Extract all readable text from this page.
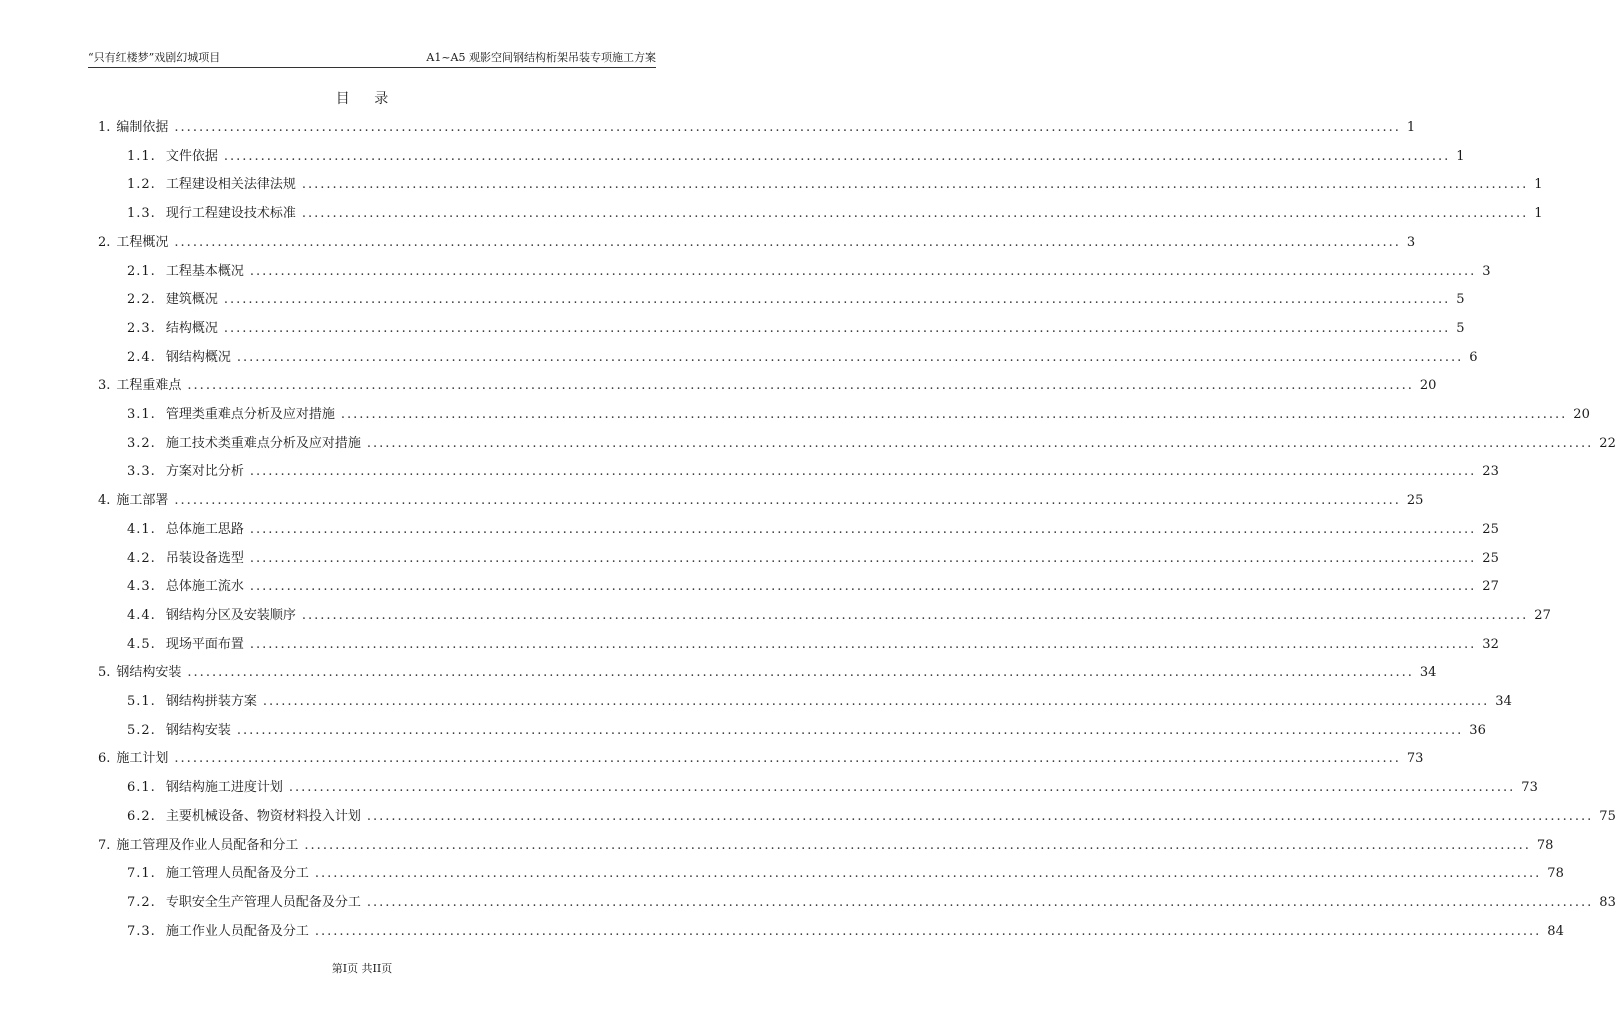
“只有红楼梦”戏剧幻城项目	A1~A5 观影空间钢结构桁架吊装专项施工方案
目 录
1. 编制依据 ........................................................................................................................................................................................................ 1
1.1. 文件依据 ........................................................................................................................................................................................................ 1
1.2. 工程建设相关法律法规 ........................................................................................................................................................................................................ 1
1.3. 现行工程建设技术标准 ........................................................................................................................................................................................................ 1
2. 工程概况 ........................................................................................................................................................................................................ 3
2.1. 工程基本概况 ........................................................................................................................................................................................................ 3
2.2. 建筑概况 ........................................................................................................................................................................................................ 5
2.3. 结构概况 ........................................................................................................................................................................................................ 5
2.4. 钢结构概况 ........................................................................................................................................................................................................ 6
3. 工程重难点 ........................................................................................................................................................................................................ 20
3.1. 管理类重难点分析及应对措施 ........................................................................................................................................................................................................ 20
3.2. 施工技术类重难点分析及应对措施 ........................................................................................................................................................................................................ 22
3.3. 方案对比分析 ........................................................................................................................................................................................................ 23
4. 施工部署 ........................................................................................................................................................................................................ 25
4.1. 总体施工思路 ........................................................................................................................................................................................................ 25
4.2. 吊装设备选型 ........................................................................................................................................................................................................ 25
4.3. 总体施工流水 ........................................................................................................................................................................................................ 27
4.4. 钢结构分区及安装顺序 ........................................................................................................................................................................................................ 27
4.5. 现场平面布置 ........................................................................................................................................................................................................ 32
5. 钢结构安装 ........................................................................................................................................................................................................ 34
5.1. 钢结构拼装方案 ........................................................................................................................................................................................................ 34
5.2. 钢结构安装 ........................................................................................................................................................................................................ 36
6. 施工计划 ........................................................................................................................................................................................................ 73
6.1. 钢结构施工进度计划 ........................................................................................................................................................................................................ 73
6.2. 主要机械设备、物资材料投入计划 ........................................................................................................................................................................................................ 75
7. 施工管理及作业人员配备和分工 ........................................................................................................................................................................................................ 78
7.1. 施工管理人员配备及分工 ........................................................................................................................................................................................................ 78
7.2. 专职安全生产管理人员配备及分工 ........................................................................................................................................................................................................ 83
7.3. 施工作业人员配备及分工 ........................................................................................................................................................................................................ 84
第I页 共II页
